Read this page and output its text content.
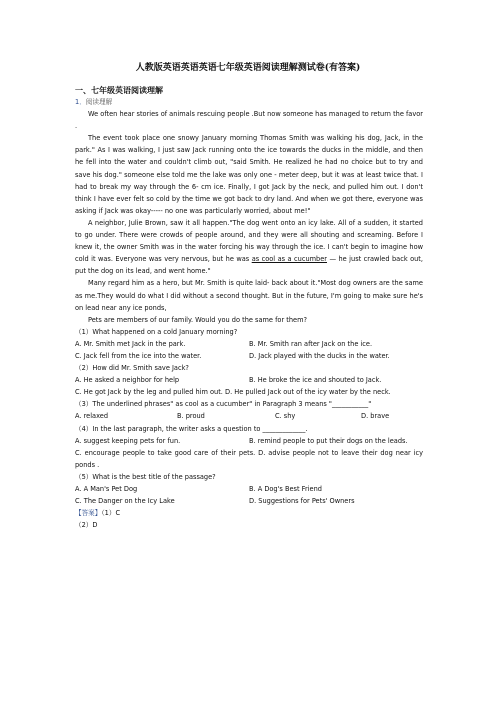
人教版英语英语英语七年级英语阅读理解测试卷(有答案)
一、七年级英语阅读理解
1．阅读理解

We often hear stories of animals rescuing people .But now someone has managed to return the favor .

The event took place one snowy January morning Thomas Smith was walking his dog, Jack, in the park." As I was walking, I just saw Jack running onto the ice towards the ducks in the middle, and then he fell into the water and couldn't climb out, "said Smith. He realized he had no choice but to try and save his dog." someone else told me the lake was only one - meter deep, but it was at least twice that. I had to break my way through the 6- cm ice. Finally, I got Jack by the neck, and pulled him out. I don't think I have ever felt so cold by the time we got back to dry land. And when we got there, everyone was asking if Jack was okay----- no one was particularly worried, about me!"

A neighbor, Julie Brown, saw it all happen."The dog went onto an icy lake. All of a sudden, it started to go under. There were crowds of people around, and they were all shouting and screaming. Before I knew it, the owner Smith was in the water forcing his way through the ice. I can't begin to imagine how cold it was. Everyone was very nervous, but he was as cool as a cucumber — he just crawled back out, put the dog on its lead, and went home."

Many regard him as a hero, but Mr. Smith is quite laid- back about it."Most dog owners are the same as me.They would do what I did without a second thought. But in the future, I'm going to make sure he's on lead near any ice ponds,

Pets are members of our family. Would you do the same for them?

（1）What happened on a cold January morning?

A. Mr. Smith met Jack in the park.	B. Mr. Smith ran after Jack on the ice.
C. Jack fell from the ice into the water.	D. Jack played with the ducks in the water.

（2）How did Mr. Smith save Jack?

A. He asked a neighbor for help	B. He broke the ice and shouted to Jack.

C. He got Jack by the leg and pulled him out. D. He pulled Jack out of the icy water by the neck.

（3）The underlined phrases" as cool as a cucumber" in Paragraph 3 means "___________"

A. relaxed	B. proud	C. shy	D. brave

（4）In the last paragraph, the writer asks a question to _____________.

A. suggest keeping pets for fun.	B. remind people to put their dogs on the leads.

C. encourage people to take good care of their pets. D. advise people not to leave their dog near icy ponds .

（5）What is the best title of the passage?

A. A Man's Pet Dog	B. A Dog's Best Friend
C. The Danger on the Icy Lake	D. Suggestions for Pets' Owners
【答案】（1）C
（2）D
